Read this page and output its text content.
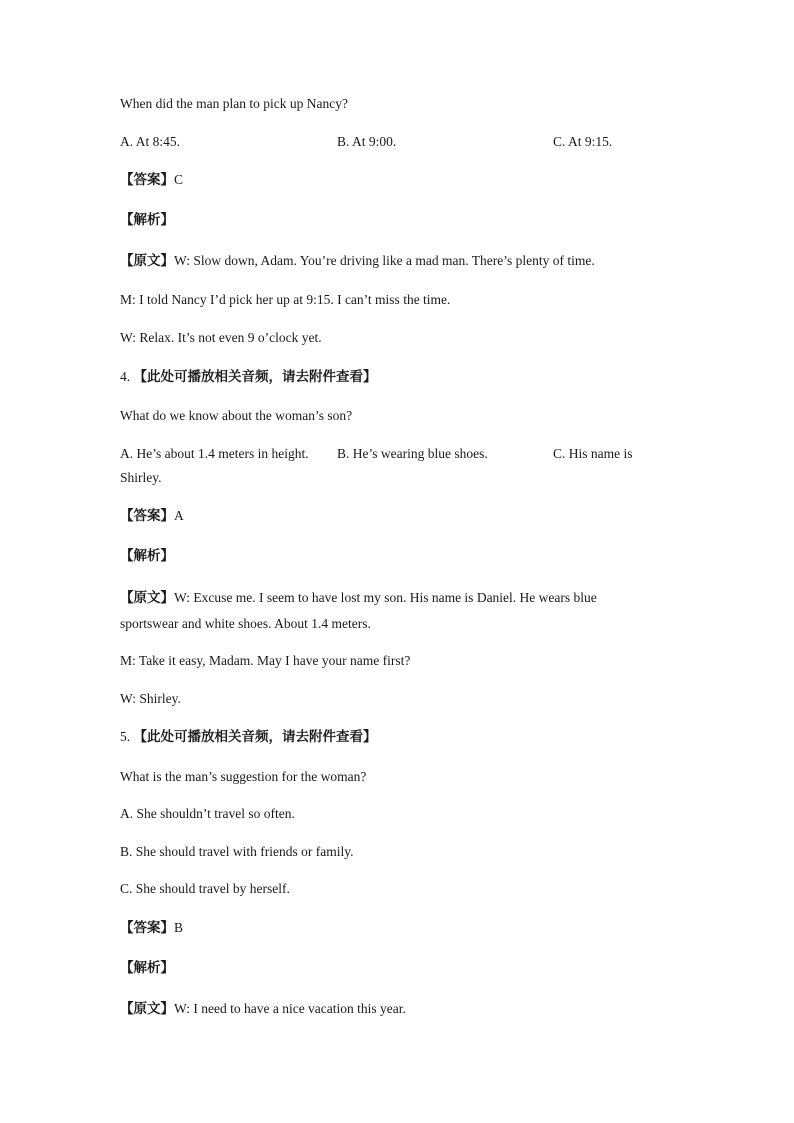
When did the man plan to pick up Nancy?
A. At 8:45.	B. At 9:00.	C. At 9:15.
【答案】C
【解析】
【原文】W: Slow down, Adam. You’re driving like a mad man. There’s plenty of time.
M: I told Nancy I’d pick her up at 9:15. I can’t miss the time.
W: Relax. It’s not even 9 o’clock yet.
4. 【此处可播放相关音频，请去附件查看】
What do we know about the woman’s son?
A. He’s about 1.4 meters in height. B. He’s wearing blue shoes.	C. His name is
Shirley.
【答案】A
【解析】
【原文】W: Excuse me. I seem to have lost my son. His name is Daniel. He wears blue
sportswear and white shoes. About 1.4 meters.
M: Take it easy, Madam. May I have your name first?
W: Shirley.
5. 【此处可播放相关音频，请去附件查看】
What is the man’s suggestion for the woman?
A. She shouldn’t travel so often.
B. She should travel with friends or family.
C. She should travel by herself.
【答案】B
【解析】
【原文】W: I need to have a nice vacation this year.
